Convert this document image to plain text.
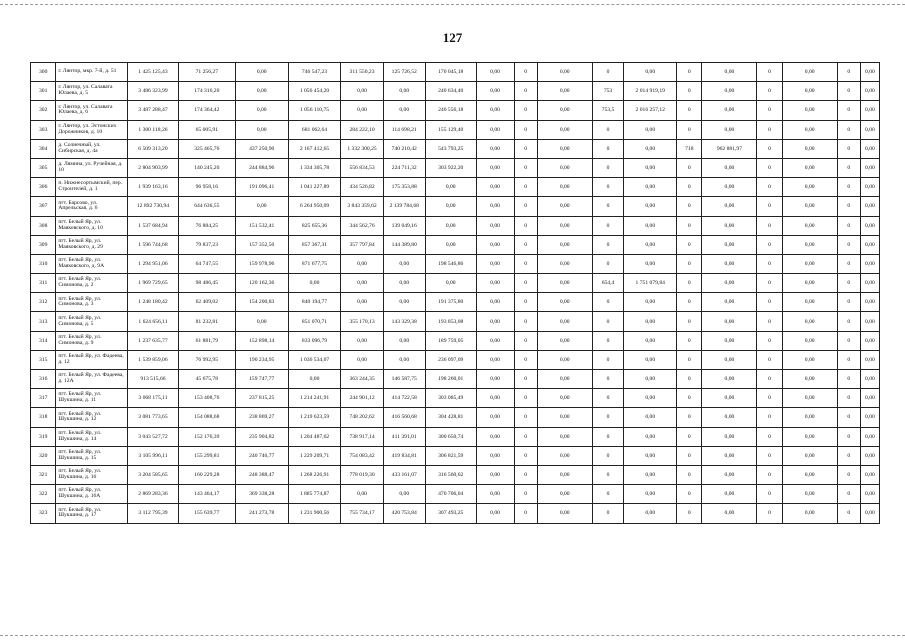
127
300	г. Лянтор, мкр. 7-й, д. 51	1 425 125,43	71 256,27	0,00	746 547,23	311 550,23	125 726,52	170 045,18	0,00	0	0,00	0	0,00	0	0,00	0	0,00	0	0,00
301	г. Лянтор, ул. Салавата Юлаева, д. 5	3 486 323,99	174 316,20	0,00	1 056 454,20	0,00	0,00	240 634,40	0,00	0	0,00	753	2 014 919,19	0	0,00	0	0,00	0	0,00
302	г. Лянтор, ул. Салавата Юлаева, д. 6	3 487 288,47	174 364,42	0,00	1 056 110,75	0,00	0,00	240 556,18	0,00	0	0,00	753,5	2 016 257,12	0	0,00	0	0,00	0	0,00
303	г. Лянтор, ул. Эстонских Дорожников, д. 10	1 300 118,26	65 005,91	0,00	681 062,64	284 222,10	114 698,21	155 129,40	0,00	0	0,00	0	0,00	0	0,00	0	0,00	0	0,00
304	д. Солнечный, ул. Сибирская, д. 4а	6 509 313,20	325 465,76	437 250,90	2 167 412,65	1 332 300,25	740 210,42	543 793,25	0,00	0	0,00	0	0,00	718	962 881,97	0	0,00	0	0,00
305	д. Лямина, ул. Ручейная, д. 10	2 804 903,99	140 245,20	244 884,96	1 334 305,78	556 834,53	224 711,32	303 922,20	0,00	0	0,00	0	0,00	0	0,00	0	0,00	0	0,00
306	п. Нижнесортымский, пер. Строителей, д. 1	1 939 163,16	96 958,16	191 096,41	1 041 227,89	434 526,82	175 353,88	0,00	0,00	0	0,00	0	0,00	0	0,00	0	0,00	0	0,00
307	пгт. Барсово, ул. Апрельская, д. 6	12 892 730,94	644 636,55	0,00	6 264 950,09	3 843 359,62	2 139 784,68	0,00	0,00	0	0,00	0	0,00	0	0,00	0	0,00	0	0,00
308	пгт. Белый Яр, ул. Маяковского, д. 10	1 537 684,94	76 884,25	151 532,41	825 655,36	344 562,76	139 049,16	0,00	0,00	0	0,00	0	0,00	0	0,00	0	0,00	0	0,00
309	пгт. Белый Яр, ул. Маяковского, д. 29	1 596 744,68	79 837,23	157 352,50	857 367,31	357 797,84	144 389,80	0,00	0,00	0	0,00	0	0,00	0	0,00	0	0,00	0	0,00
310	пгт. Белый Яр, ул. Маяковского, д. 9А	1 294 951,06	64 747,55	159 978,96	871 677,75	0,00	0,00	198 546,86	0,00	0	0,00	0	0,00	0	0,00	0	0,00	0	0,00
311	пгт. Белый Яр, ул. Симонова, д. 2	1 969 729,65	98 486,45	120 162,36	0,00	0,00	0,00	0,00	0,00	0	0,00	654,4	1 751 079,84	0	0,00	0	0,00	0	0,00
312	пгт. Белый Яр, ул. Симонова, д. 3	1 248 180,42	62 409,02	154 200,83	840 194,77	0,00	0,00	191 375,80	0,00	0	0,00	0	0,00	0	0,00	0	0,00	0	0,00
313	пгт. Белый Яр, ул. Симонова, д. 5	1 624 656,11	81 232,81	0,00	851 070,71	355 170,13	143 329,38	193 853,08	0,00	0	0,00	0	0,00	0	0,00	0	0,00	0	0,00
314	пгт. Белый Яр, ул. Симонова, д. 9	1 237 635,77	61 881,79	152 898,14	833 096,79	0,00	0,00	189 759,05	0,00	0	0,00	0	0,00	0	0,00	0	0,00	0	0,00
315	пгт. Белый Яр, ул. Фадеева, д. 12	1 539 859,06	76 992,95	190 234,95	1 036 534,07	0,00	0,00	236 097,09	0,00	0	0,00	0	0,00	0	0,00	0	0,00	0	0,00
316	пгт. Белый Яр, ул. Фадеева, д. 12А	913 515,66	45 675,78	159 747,77	0,00	363 244,35	146 587,75	198 260,01	0,00	0	0,00	0	0,00	0	0,00	0	0,00	0	0,00
317	пгт. Белый Яр, ул. Шукшина, д. 11	3 068 175,11	153 408,76	237 815,25	1 214 241,91	244 901,12	414 722,58	303 085,49	0,00	0	0,00	0	0,00	0	0,00	0	0,00	0	0,00
318	пгт. Белый Яр, ул. Шукшина, д. 12	3 081 773,65	154 088,68	238 869,27	1 219 623,59	748 202,62	416 560,68	304 428,81	0,00	0	0,00	0	0,00	0	0,00	0	0,00	0	0,00
319	пгт. Белый Яр, ул. Шукшина, д. 14	3 043 527,72	152 176,39	235 904,82	1 204 487,62	738 917,14	411 391,01	300 650,74	0,00	0	0,00	0	0,00	0	0,00	0	0,00	0	0,00
320	пгт. Белый Яр, ул. Шукшина, д. 15	3 105 996,11	155 299,81	240 746,77	1 229 209,71	754 083,42	419 834,81	306 821,59	0,00	0	0,00	0	0,00	0	0,00	0	0,00	0	0,00
321	пгт. Белый Яр, ул. Шукшина, д. 16	3 204 585,65	160 229,28	248 388,47	1 268 226,91	778 019,30	433 161,07	316 560,62	0,00	0	0,00	0	0,00	0	0,00	0	0,00	0	0,00
322	пгт. Белый Яр, ул. Шукшина, д. 16А	2 869 283,36	143 464,17	369 338,28	1 885 774,87	0,00	0,00	470 706,04	0,00	0	0,00	0	0,00	0	0,00	0	0,00	0	0,00
323	пгт. Белый Яр, ул. Шукшина, д. 17	3 112 795,39	155 639,77	241 273,78	1 231 900,56	755 734,17	420 753,84	307 493,25	0,00	0	0,00	0	0,00	0	0,00	0	0,00	0	0,00
